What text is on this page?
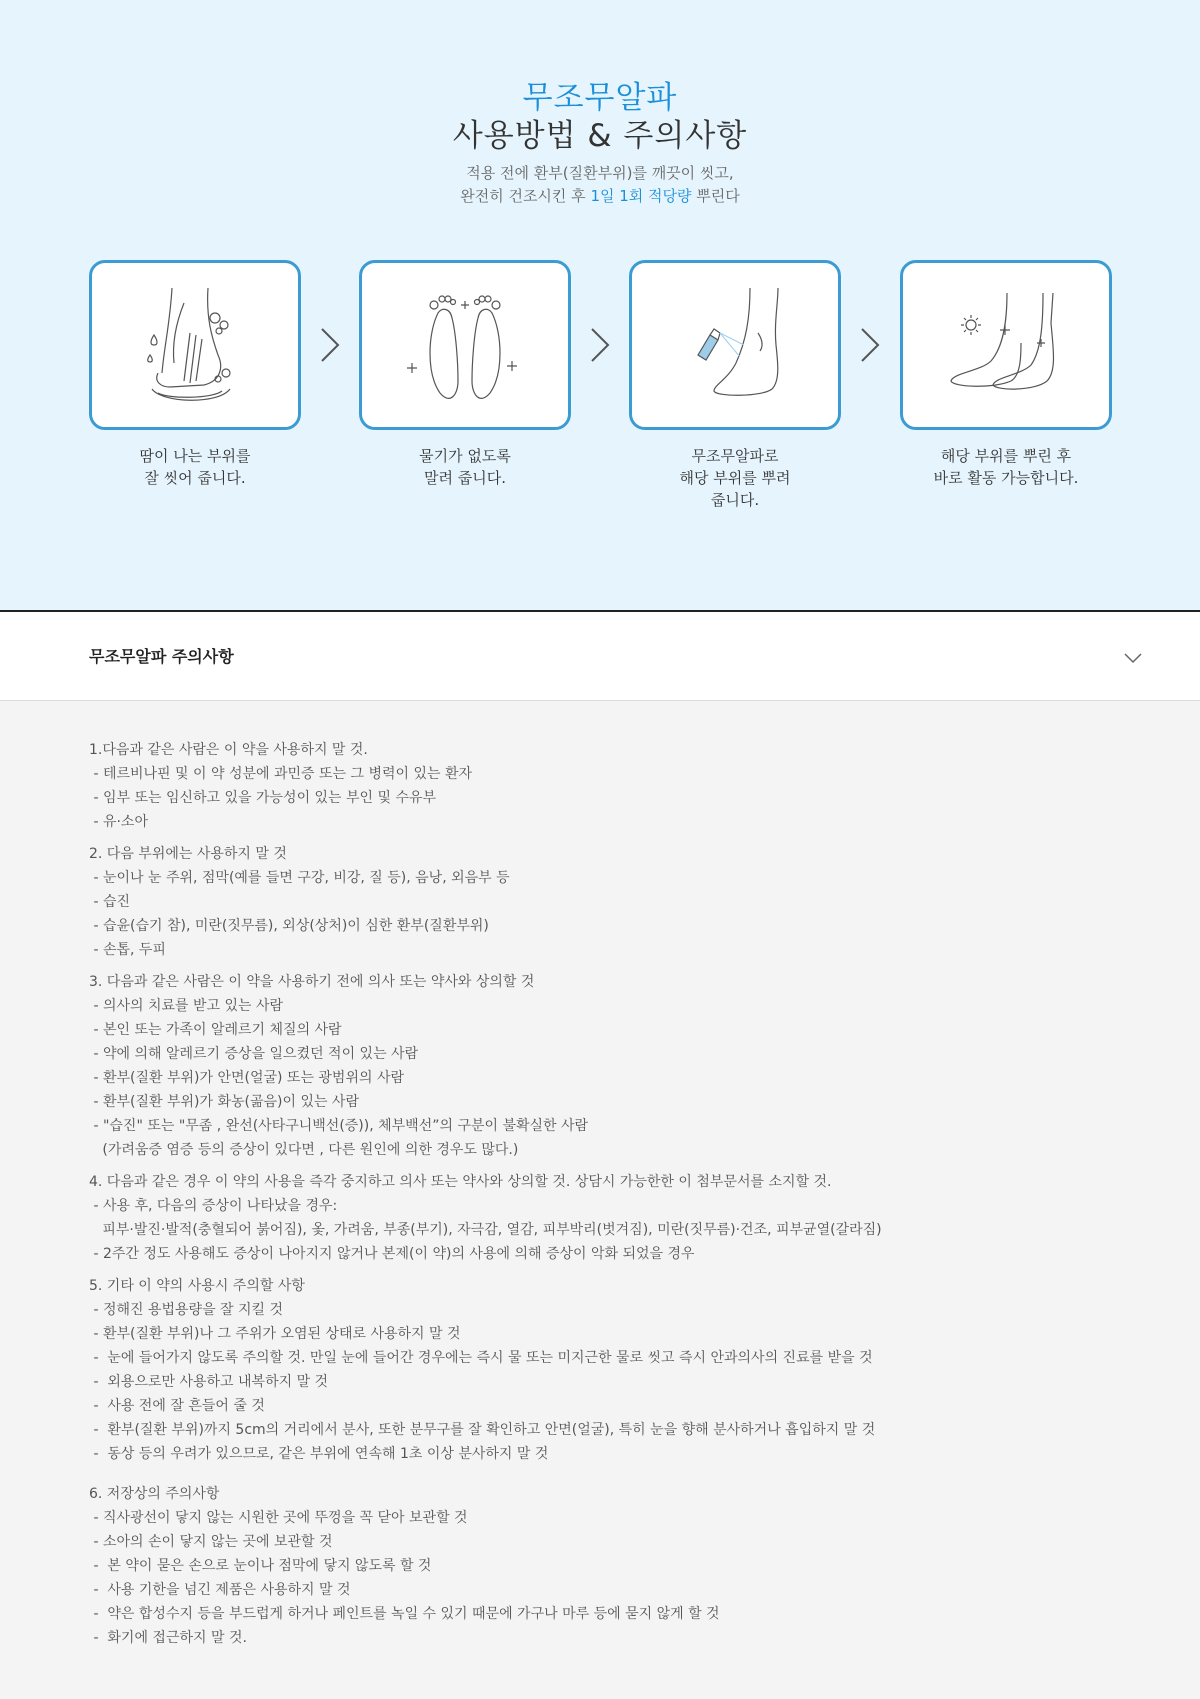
무조무알파
사용방법 & 주의사항
적용 전에 환부(질환부위)를 깨끗이 씻고,
완전히 건조시킨 후 1일 1회 적당량 뿌린다
땀이 나는 부위를
잘 씻어 줍니다.
물기가 없도록
말려 줍니다.
무조무알파로
해당 부위를 뿌려
줍니다.
해당 부위를 뿌린 후
바로 활동 가능합니다.
무조무알파 주의사항
1.다음과 같은 사람은 이 약을 사용하지 말 것.
- 테르비나핀 및 이 약 성분에 과민증 또는 그 병력이 있는 환자
- 임부 또는 임신하고 있을 가능성이 있는 부인 및 수유부
- 유·소아
2. 다음 부위에는 사용하지 말 것
- 눈이나 눈 주위, 점막(예를 들면 구강, 비강, 질 등), 음낭, 외음부 등
- 습진
- 습윤(습기 참), 미란(짓무름), 외상(상처)이 심한 환부(질환부위)
- 손톱, 두피
3. 다음과 같은 사람은 이 약을 사용하기 전에 의사 또는 약사와 상의할 것
- 의사의 치료를 받고 있는 사람
- 본인 또는 가족이 알레르기 체질의 사람
- 약에 의해 알레르기 증상을 일으켰던 적이 있는 사람
- 환부(질환 부위)가 안면(얼굴) 또는 광범위의 사람
- 환부(질환 부위)가 화농(곪음)이 있는 사람
- "습진" 또는 "무좀 , 완선(사타구니백선(증)), 체부백선”의 구분이 불확실한 사람
(가려움증 염증 등의 증상이 있다면 , 다른 원인에 의한 경우도 많다.)
4. 다음과 같은 경우 이 약의 사용을 즉각 중지하고 의사 또는 약사와 상의할 것. 상담시 가능한한 이 첨부문서를 소지할 것.
- 사용 후, 다음의 증상이 나타났을 경우:
피부·발진·발적(충혈되어 붉어짐), 옻, 가려움, 부종(부기), 자극감, 열감, 피부박리(벗겨짐), 미란(짓무름)·건조, 피부균열(갈라짐)
- 2주간 정도 사용해도 증상이 나아지지 않거나 본제(이 약)의 사용에 의해 증상이 악화 되었을 경우
5. 기타 이 약의 사용시 주의할 사항
- 정해진 용법용량을 잘 지킬 것
- 환부(질환 부위)나 그 주위가 오염된 상태로 사용하지 말 것
-  눈에 들어가지 않도록 주의할 것. 만일 눈에 들어간 경우에는 즉시 물 또는 미지근한 물로 씻고 즉시 안과의사의 진료를 받을 것
-  외용으로만 사용하고 내복하지 말 것
-  사용 전에 잘 흔들어 줄 것
-  환부(질환 부위)까지 5cm의 거리에서 분사, 또한 분무구를 잘 확인하고 안면(얼굴), 특히 눈을 향해 분사하거나 흡입하지 말 것
-  동상 등의 우려가 있으므로, 같은 부위에 연속해 1초 이상 분사하지 말 것
6. 저장상의 주의사항
- 직사광선이 닿지 않는 시원한 곳에 뚜껑을 꼭 닫아 보관할 것
- 소아의 손이 닿지 않는 곳에 보관할 것
-  본 약이 묻은 손으로 눈이나 점막에 닿지 않도록 할 것
-  사용 기한을 넘긴 제품은 사용하지 말 것
-  약은 합성수지 등을 부드럽게 하거나 페인트를 녹일 수 있기 때문에 가구나 마루 등에 묻지 않게 할 것
-  화기에 접근하지 말 것.
